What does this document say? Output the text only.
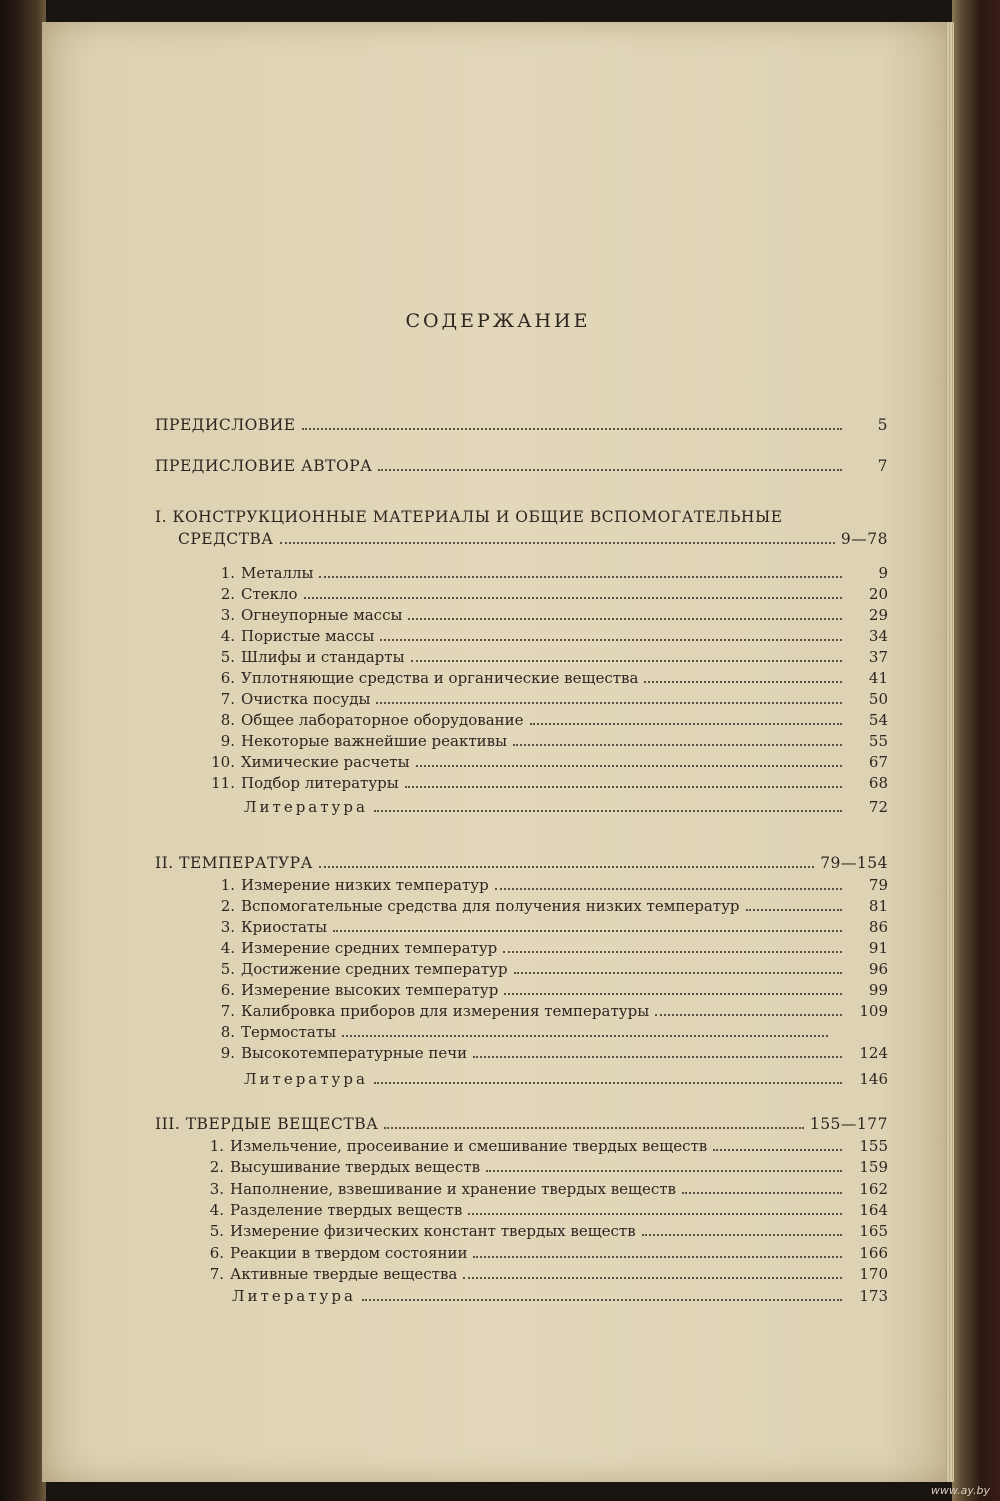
СОДЕРЖАНИЕ
ПРЕДИСЛОВИЕ	5
ПРЕДИСЛОВИЕ АВТОРА	7
I. КОНСТРУКЦИОННЫЕ МАТЕРИАЛЫ И ОБЩИЕ ВСПОМОГАТЕЛЬНЫЕ
СРЕДСТВА	9—78
1. Металлы	9
2. Стекло	20
3. Огнеупорные массы	29
4. Пористые массы	34
5. Шлифы и стандарты	37
6. Уплотняющие средства и органические вещества	41
7. Очистка посуды	50
8. Общее лабораторное оборудование	54
9. Некоторые важнейшие реактивы	55
10. Химические расчеты	67
11. Подбор литературы	68
Литература	72
II. ТЕМПЕРАТУРА	79—154
1. Измерение низких температур	79
2. Вспомогательные средства для получения низких температур	81
3. Криостаты	86
4. Измерение средних температур	91
5. Достижение средних температур	96
6. Измерение высоких температур	99
7. Калибровка приборов для измерения температуры	109
8. Термостаты
9. Высокотемпературные печи	124
Литература	146
III. ТВЕРДЫЕ ВЕЩЕСТВА	155—177
1. Измельчение, просеивание и смешивание твердых веществ	155
2. Высушивание твердых веществ	159
3. Наполнение, взвешивание и хранение твердых веществ	162
4. Разделение твердых веществ	164
5. Измерение физических констант твердых веществ	165
6. Реакции в твердом состоянии	166
7. Активные твердые вещества	170
Литература	173
www.ay.by
